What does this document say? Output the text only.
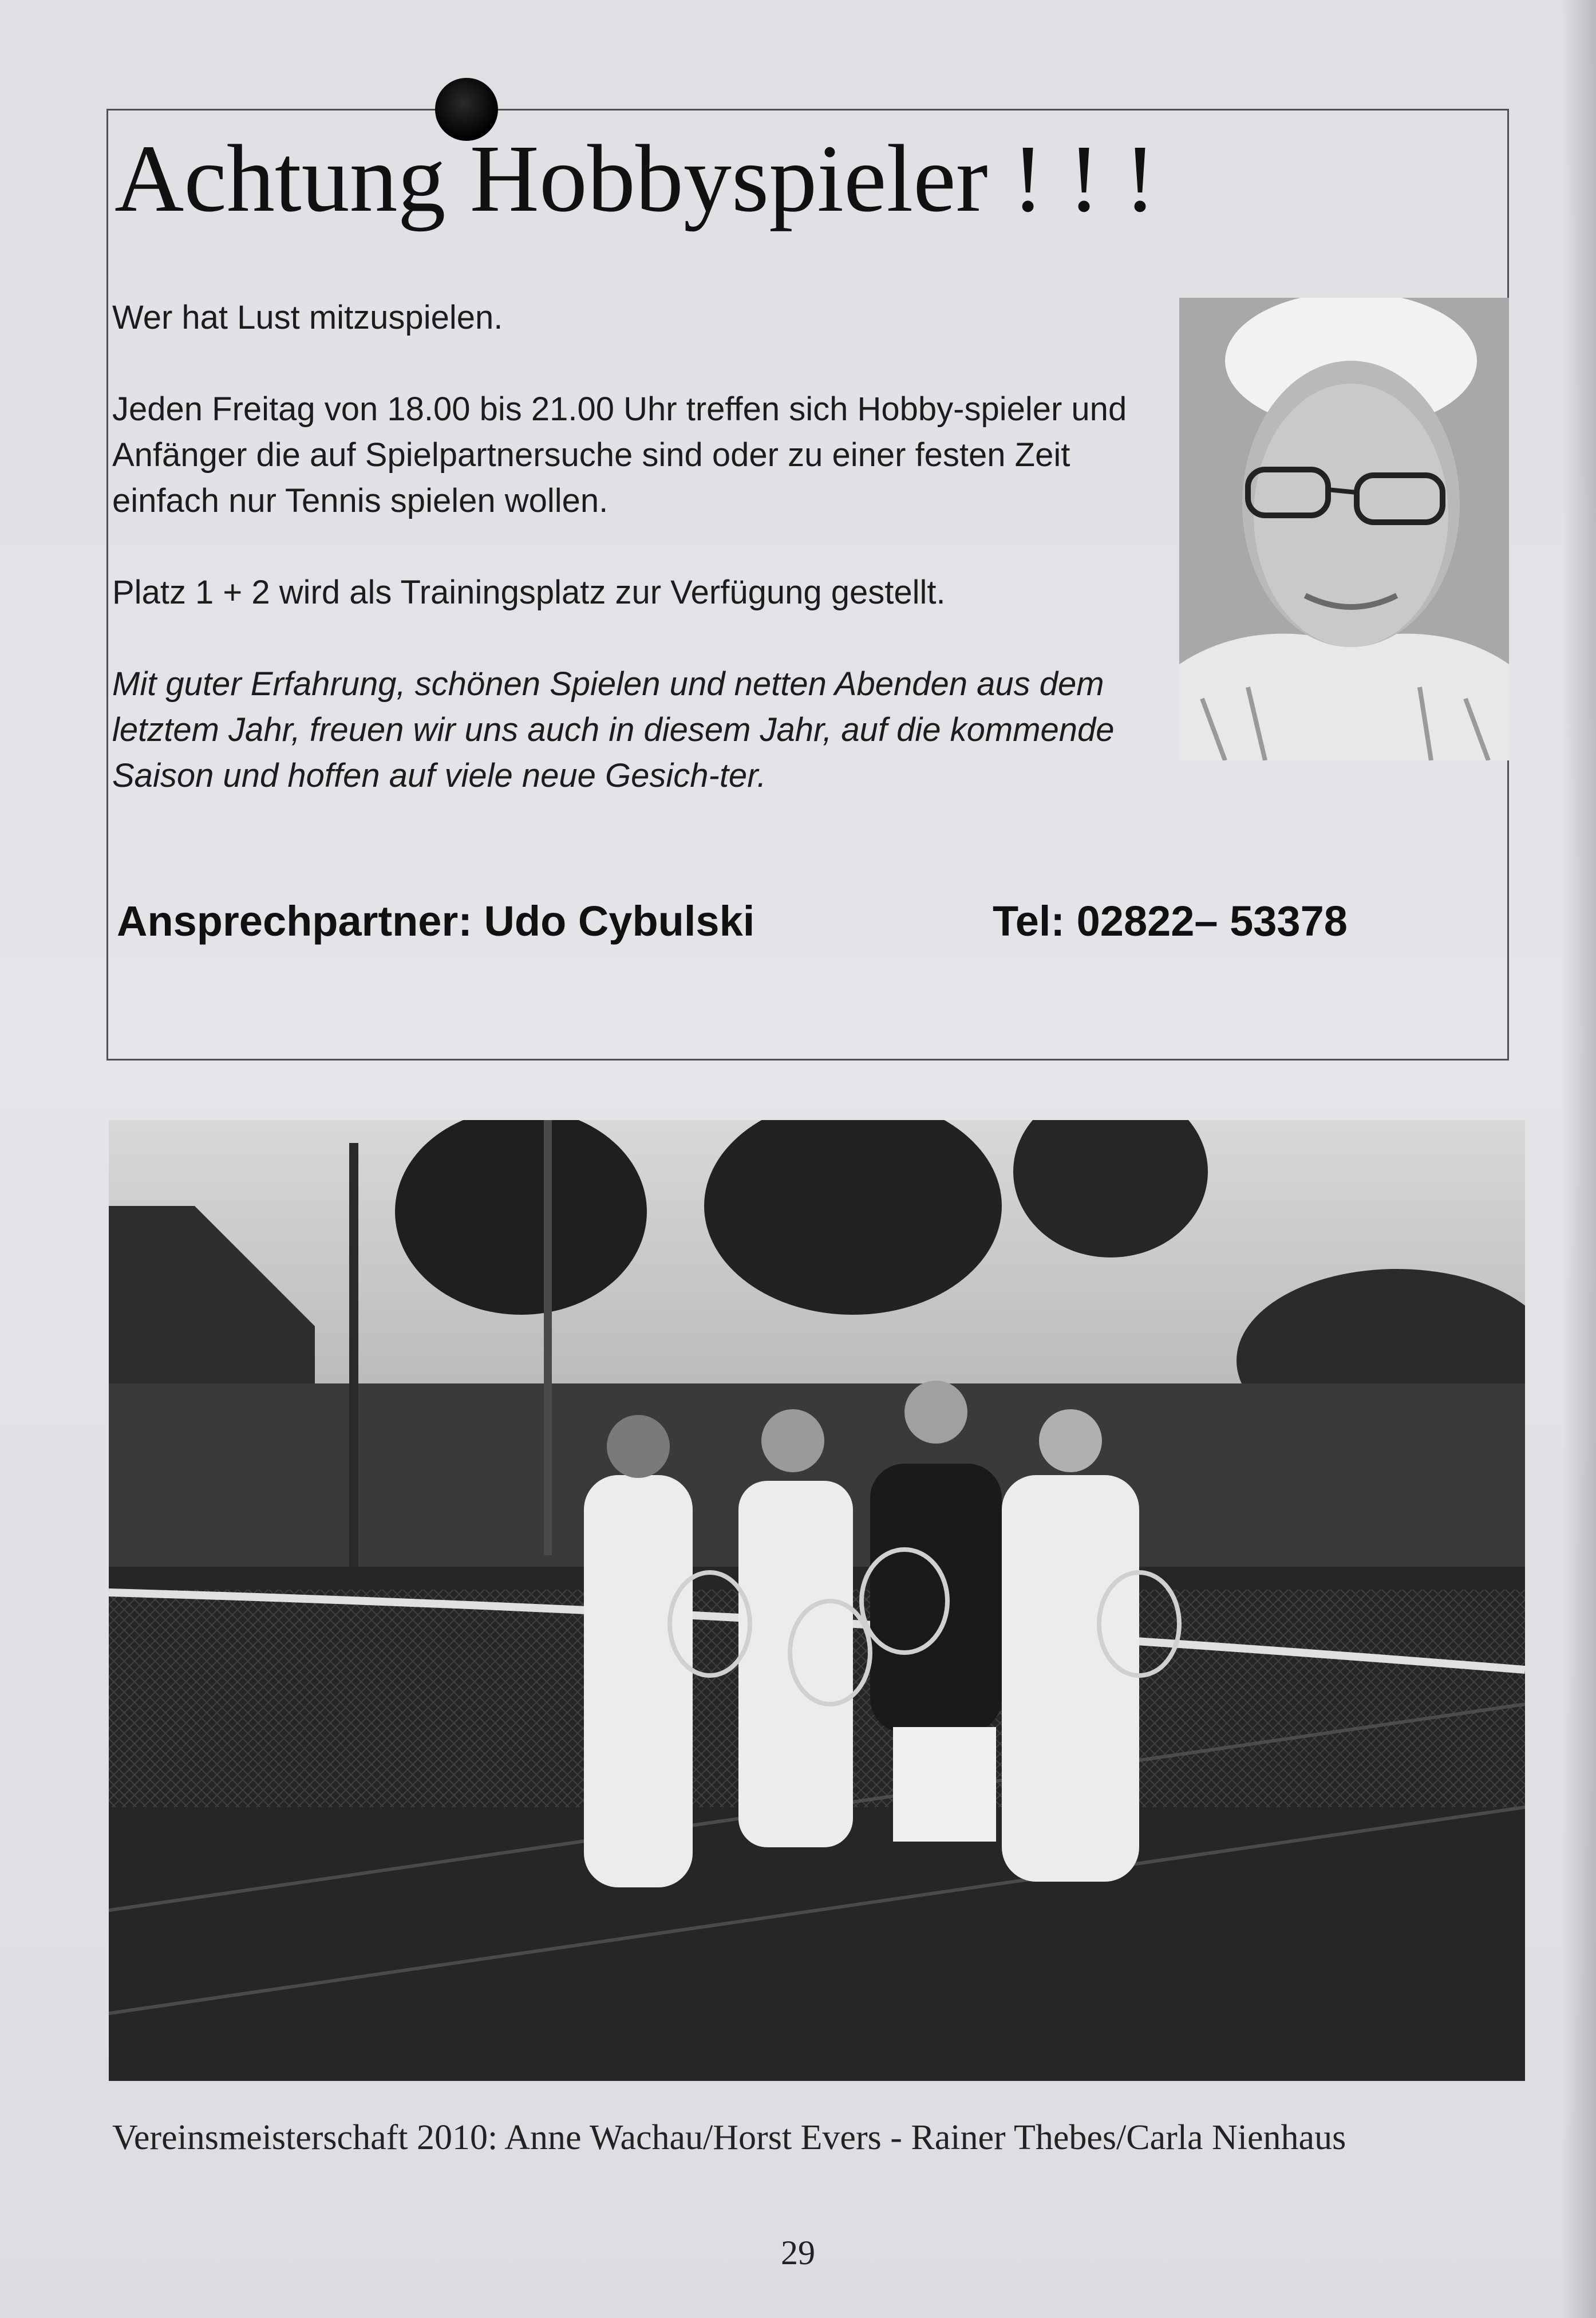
Achtung Hobbyspieler ! ! !
Wer hat Lust mitzuspielen.
Jeden Freitag von 18.00 bis 21.00 Uhr treffen sich Hobby-spieler und Anfänger die auf Spielpartnersuche sind oder zu einer festen Zeit einfach nur Tennis spielen wollen.
Platz 1 + 2 wird als Trainingsplatz zur Verfügung gestellt.
Mit guter Erfahrung, schönen Spielen und netten Abenden aus dem letztem Jahr, freuen wir uns auch in diesem Jahr, auf die kommende Saison und hoffen auf viele neue Gesich-ter.
Ansprechpartner: Udo Cybulski	Tel: 02822– 53378
Vereinsmeisterschaft 2010: Anne Wachau/Horst Evers - Rainer Thebes/Carla Nienhaus
29
